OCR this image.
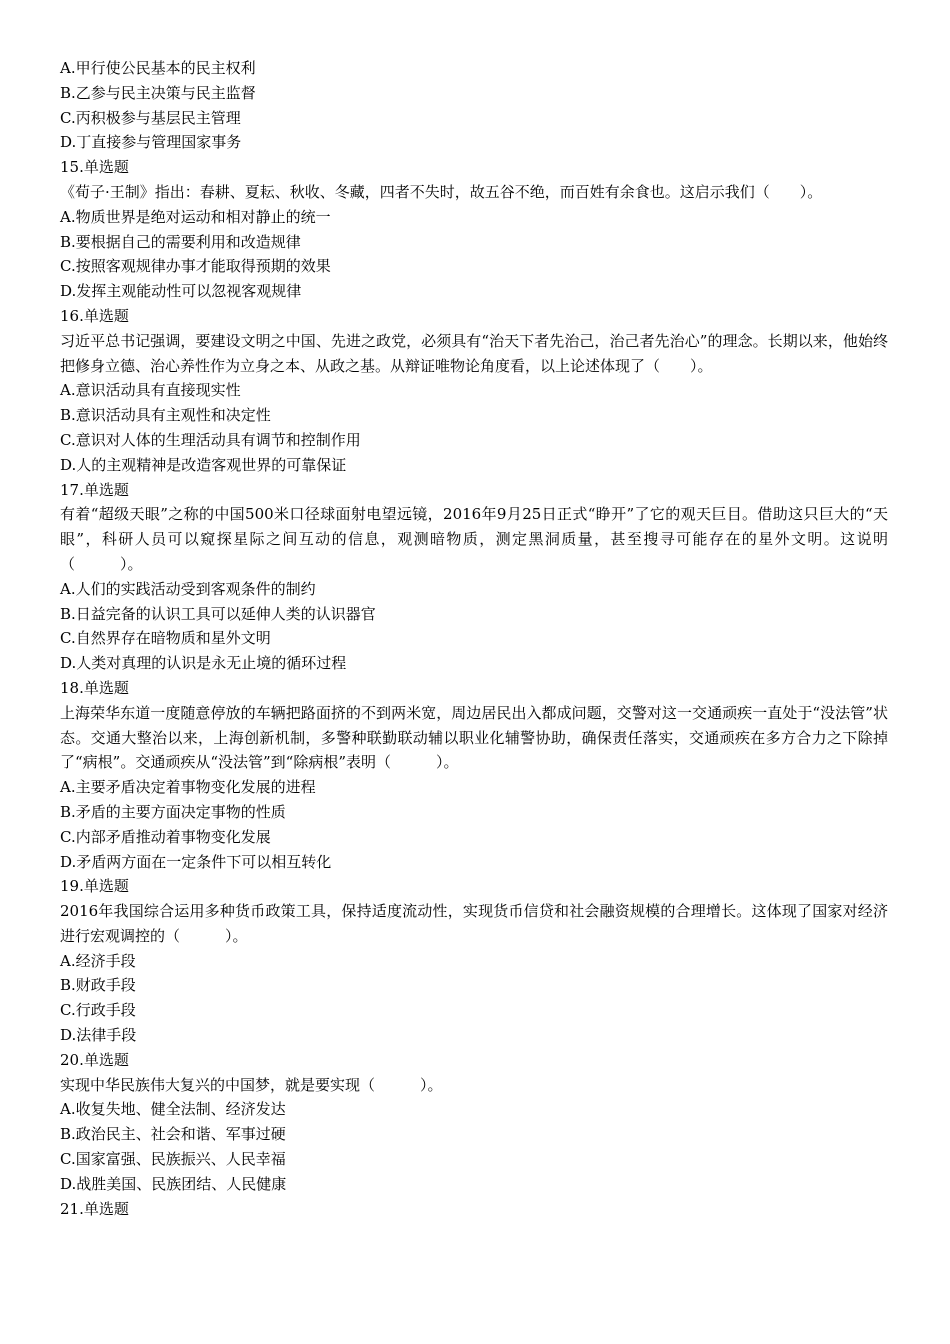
A.甲行使公民基本的民主权利

B.乙参与民主决策与民主监督

C.丙积极参与基层民主管理

D.丁直接参与管理国家事务

15.单选题

《荀子·王制》指出：春耕、夏耘、秋收、冬藏，四者不失时，故五谷不绝，而百姓有余食也。这启示我们（　　）。

A.物质世界是绝对运动和相对静止的统一

B.要根据自己的需要利用和改造规律

C.按照客观规律办事才能取得预期的效果

D.发挥主观能动性可以忽视客观规律

16.单选题

习近平总书记强调，要建设文明之中国、先进之政党，必须具有“治天下者先治己，治己者先治心”的理念。长期以来，他始终把修身立德、治心养性作为立身之本、从政之基。从辩证唯物论角度看，以上论述体现了（　　）。

A.意识活动具有直接现实性

B.意识活动具有主观性和决定性

C.意识对人体的生理活动具有调节和控制作用

D.人的主观精神是改造客观世界的可靠保证

17.单选题

有着“超级天眼”之称的中国500米口径球面射电望远镜，2016年9月25日正式“睁开”了它的观天巨目。借助这只巨大的“天眼”，科研人员可以窥探星际之间互动的信息，观测暗物质，测定黑洞质量，甚至搜寻可能存在的星外文明。这说明（　　　）。

A.人们的实践活动受到客观条件的制约

B.日益完备的认识工具可以延伸人类的认识器官

C.自然界存在暗物质和星外文明

D.人类对真理的认识是永无止境的循环过程

18.单选题

上海荣华东道一度随意停放的车辆把路面挤的不到两米宽，周边居民出入都成问题，交警对这一交通顽疾一直处于“没法管”状态。交通大整治以来，上海创新机制，多警种联勤联动辅以职业化辅警协助，确保责任落实，交通顽疾在多方合力之下除掉了“病根”。交通顽疾从“没法管”到“除病根”表明（　　　）。

A.主要矛盾决定着事物变化发展的进程

B.矛盾的主要方面决定事物的性质

C.内部矛盾推动着事物变化发展

D.矛盾两方面在一定条件下可以相互转化

19.单选题

2016年我国综合运用多种货币政策工具，保持适度流动性，实现货币信贷和社会融资规模的合理增长。这体现了国家对经济进行宏观调控的（　　　）。

A.经济手段

B.财政手段

C.行政手段

D.法律手段

20.单选题

实现中华民族伟大复兴的中国梦，就是要实现（　　　）。

A.收复失地、健全法制、经济发达

B.政治民主、社会和谐、军事过硬

C.国家富强、民族振兴、人民幸福

D.战胜美国、民族团结、人民健康

21.单选题
